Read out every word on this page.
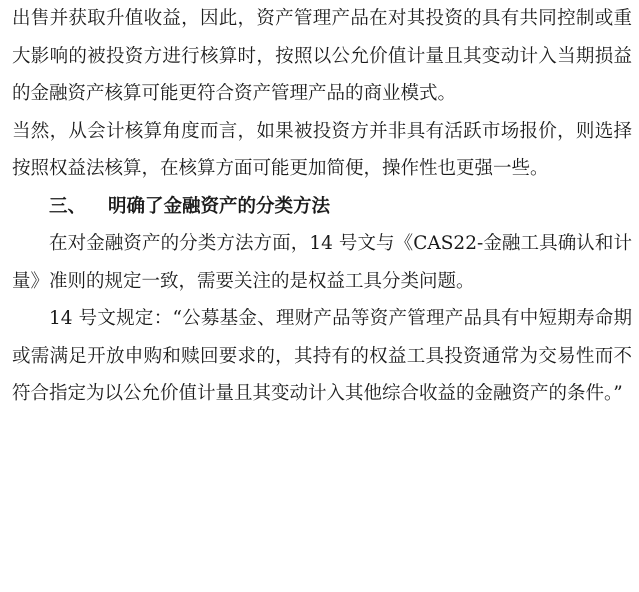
出售并获取升值收益，因此，资产管理产品在对其投资的具有共同控制或重大影响的被投资方进行核算时，按照以公允价值计量且其变动计入当期损益的金融资产核算可能更符合资产管理产品的商业模式。

当然，从会计核算角度而言，如果被投资方并非具有活跃市场报价，则选择按照权益法核算，在核算方面可能更加简便，操作性也更强一些。

三、 明确了金融资产的分类方法

在对金融资产的分类方法方面，14 号文与《CAS22-金融工具确认和计量》准则的规定一致，需要关注的是权益工具分类问题。

14 号文规定：“公募基金、理财产品等资产管理产品具有中短期寿命期或需满足开放申购和赎回要求的，其持有的权益工具投资通常为交易性而不符合指定为以公允价值计量且其变动计入其他综合收益的金融资产的条件。”
